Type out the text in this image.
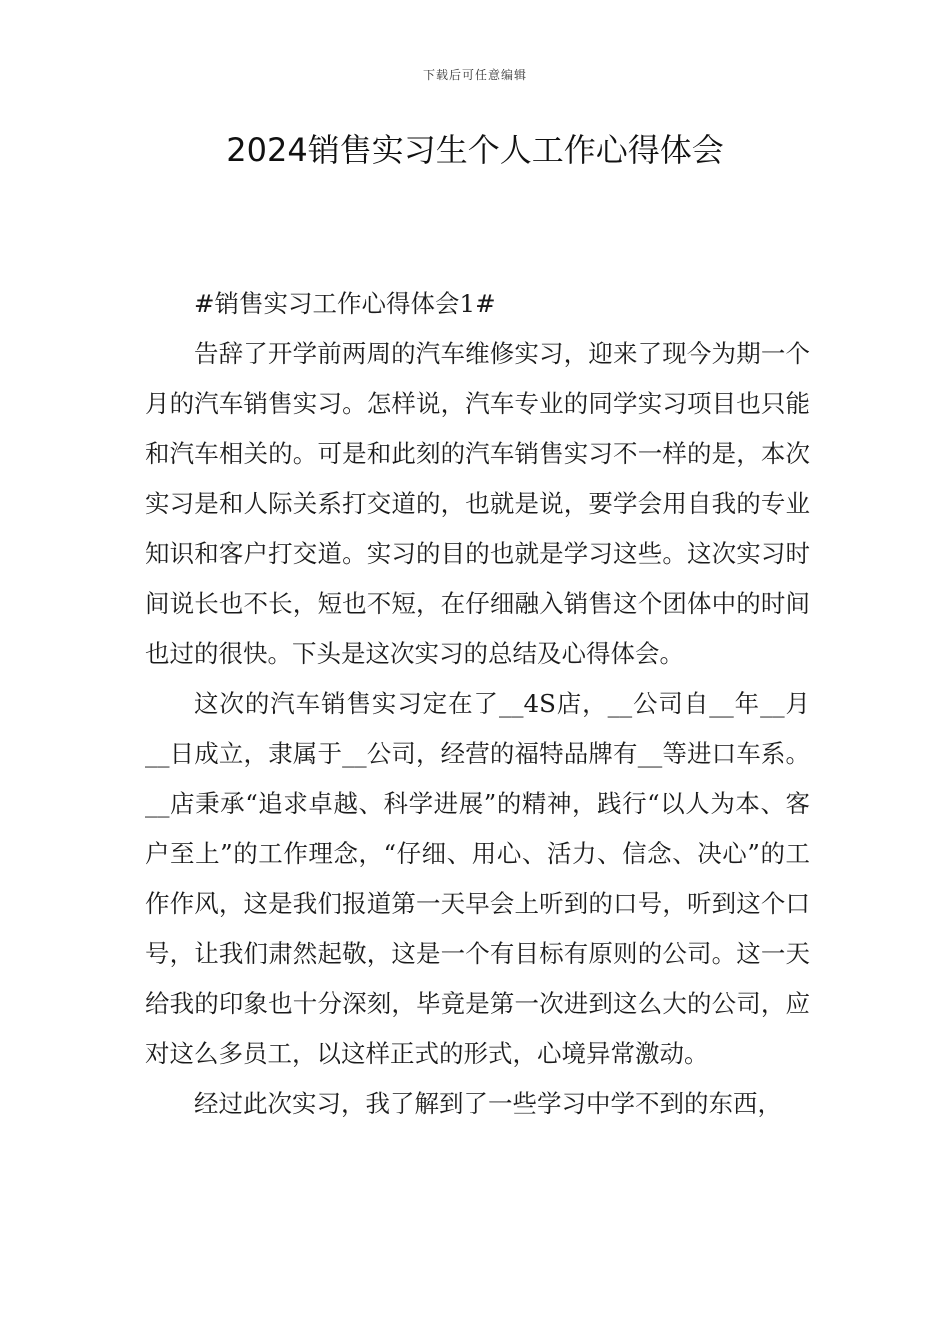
下载后可任意编辑
2024销售实习生个人工作心得体会

#销售实习工作心得体会1#

告辞了开学前两周的汽车维修实习，迎来了现今为期一个月的汽车销售实习。怎样说，汽车专业的同学实习项目也只能和汽车相关的。可是和此刻的汽车销售实习不一样的是，本次实习是和人际关系打交道的，也就是说，要学会用自我的专业知识和客户打交道。实习的目的也就是学习这些。这次实习时间说长也不长，短也不短，在仔细融入销售这个团体中的时间也过的很快。下头是这次实习的总结及心得体会。

这次的汽车销售实习定在了__4S店，__公司自__年__月__日成立，隶属于__公司，经营的福特品牌有__等进口车系。__店秉承“追求卓越、科学进展”的精神，践行“以人为本、客户至上”的工作理念，“仔细、用心、活力、信念、决心”的工作作风，这是我们报道第一天早会上听到的口号，听到这个口号，让我们肃然起敬，这是一个有目标有原则的公司。这一天给我的印象也十分深刻，毕竟是第一次进到这么大的公司，应对这么多员工，以这样正式的形式，心境异常激动。

经过此次实习，我了解到了一些学习中学不到的东西，
